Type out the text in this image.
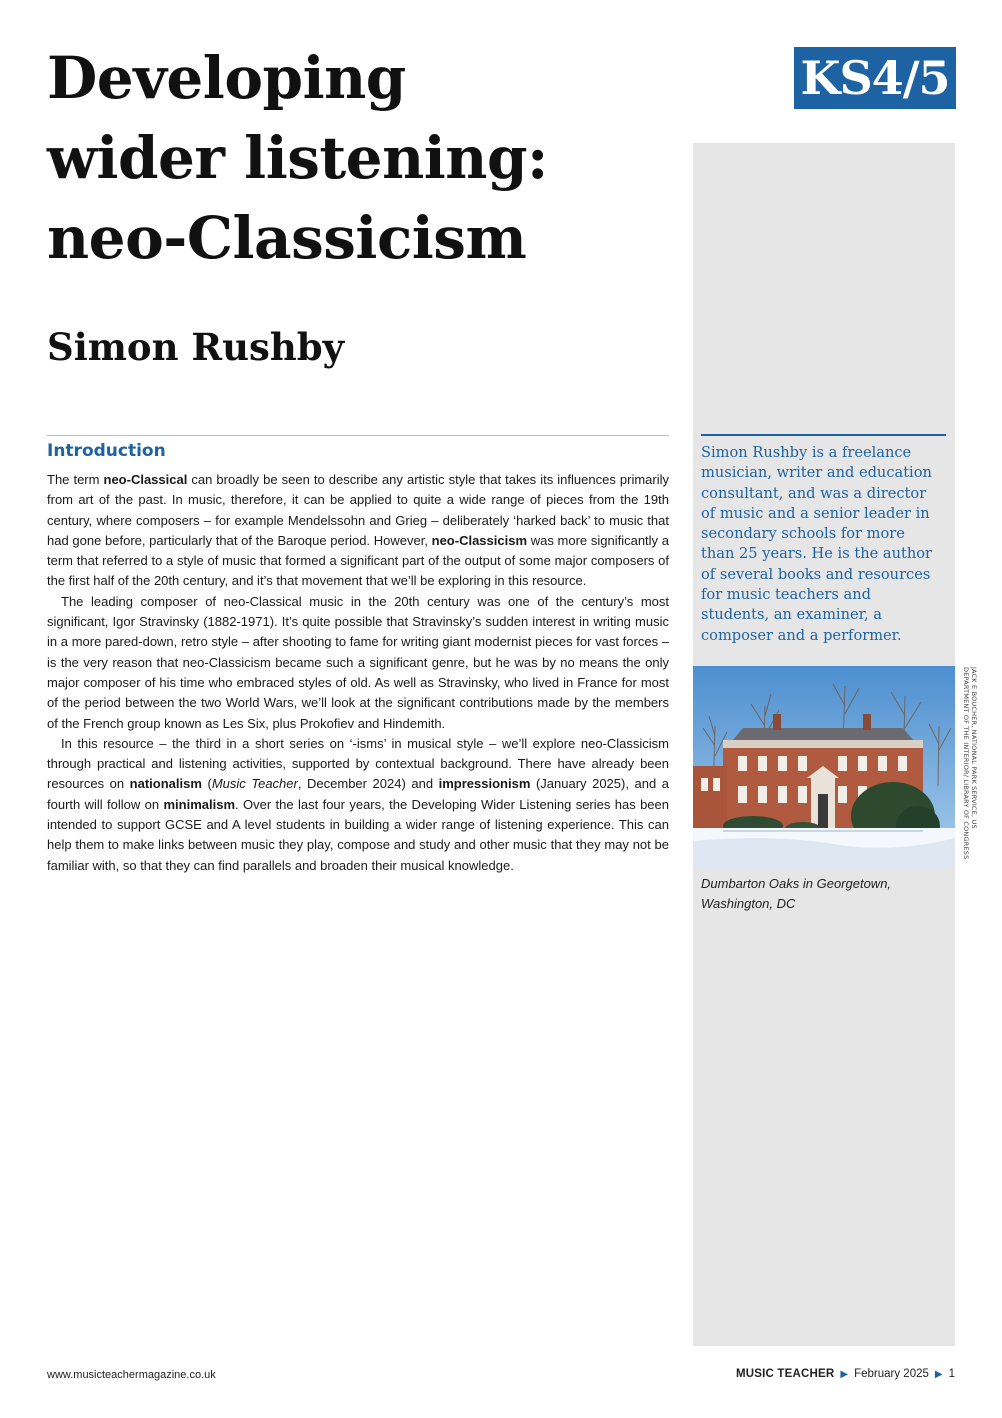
Developing
wider listening:
neo-Classicism
Simon Rushby
KS4/5
Introduction

The term neo-Classical can broadly be seen to describe any artistic style that takes its influences primarily from art of the past. In music, therefore, it can be applied to quite a wide range of pieces from the 19th century, where composers – for example Mendelssohn and Grieg – deliberately ‘harked back’ to music that had gone before, particularly that of the Baroque period. However, neo-Classicism was more significantly a term that referred to a style of music that formed a significant part of the output of some major composers of the first half of the 20th century, and it’s that movement that we’ll be exploring in this resource.

The leading composer of neo-Classical music in the 20th century was one of the century’s most significant, Igor Stravinsky (1882-1971). It’s quite possible that Stravinsky’s sudden interest in writing music in a more pared-down, retro style – after shooting to fame for writing giant modernist pieces for vast forces – is the very reason that neo-Classicism became such a significant genre, but he was by no means the only major composer of his time who embraced styles of old. As well as Stravinsky, who lived in France for most of the period between the two World Wars, we’ll look at the significant contributions made by the members of the French group known as Les Six, plus Prokofiev and Hindemith.

In this resource – the third in a short series on ‘-isms’ in musical style – we’ll explore neo-Classicism through practical and listening activities, supported by contextual background. There have already been resources on nationalism (Music Teacher, December 2024) and impressionism (January 2025), and a fourth will follow on minimalism. Over the last four years, the Developing Wider Listening series has been intended to support GCSE and A level students in building a wider range of listening experience. This can help them to make links between music they play, compose and study and other music that they may not be familiar with, so that they can find parallels and broaden their musical knowledge.

Simon Rushby is a freelance musician, writer and education consultant, and was a director of music and a senior leader in secondary schools for more than 25 years. He is the author of several books and resources for music teachers and students, an examiner, a composer and a performer.

JACK E BOUCHER, NATIONAL PARK SERVICE, US DEPARTMENT OF THE INTERIOR/ LIBRARY OF CONGRESS

Dumbarton Oaks in Georgetown, Washington, DC

www.musicteachermagazine.co.uk	MUSIC TEACHER ▶ February 2025 ▶ 1
